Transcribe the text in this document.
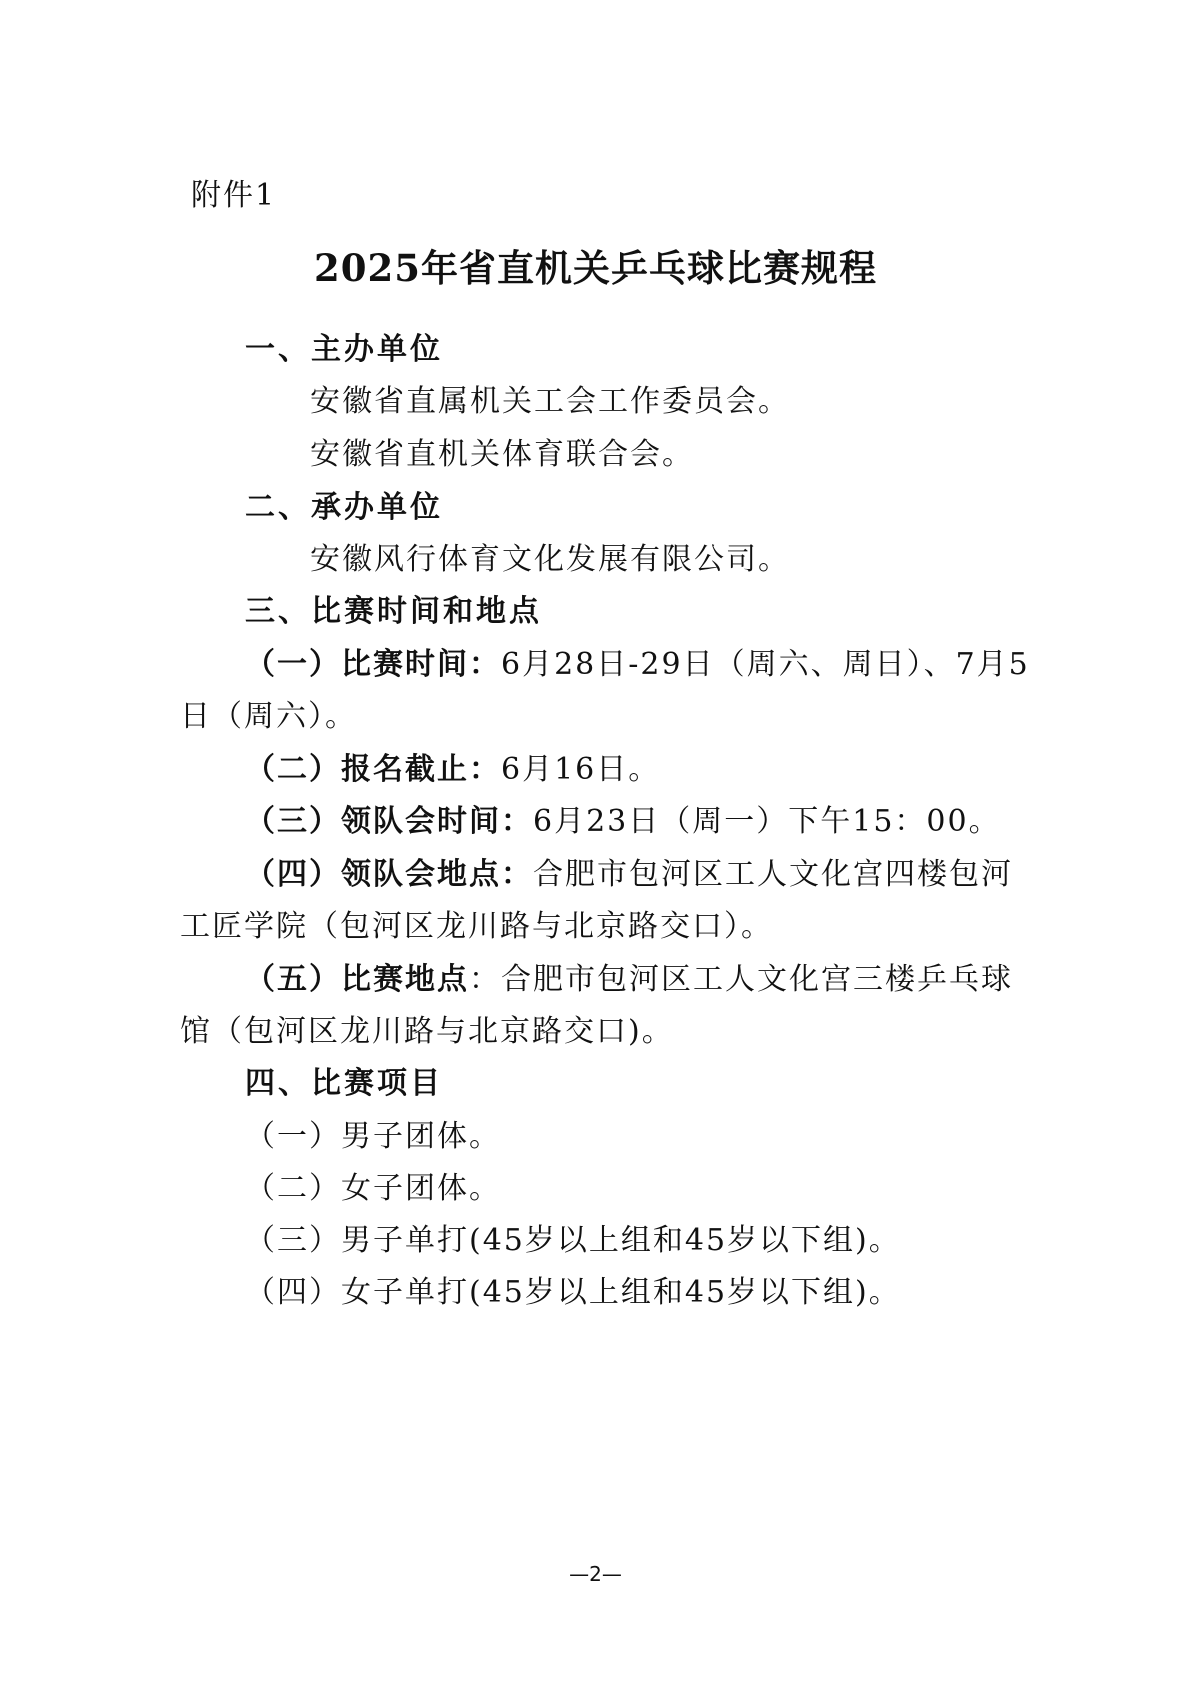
附件1
2025年省直机关乒乓球比赛规程
一、主办单位
安徽省直属机关工会工作委员会。
安徽省直机关体育联合会。
二、承办单位
安徽风行体育文化发展有限公司。
三、比赛时间和地点
（一）比赛时间：6月28日-29日（周六、周日）、7月5
日（周六）。
（二）报名截止：6月16日。
（三）领队会时间：6月23日（周一）下午15：00。
（四）领队会地点：合肥市包河区工人文化宫四楼包河
工匠学院（包河区龙川路与北京路交口）。
（五）比赛地点：合肥市包河区工人文化宫三楼乒乓球
馆（包河区龙川路与北京路交口)。
四、比赛项目
（一）男子团体。
（二）女子团体。
（三）男子单打(45岁以上组和45岁以下组)。
（四）女子单打(45岁以上组和45岁以下组)。
—2—
